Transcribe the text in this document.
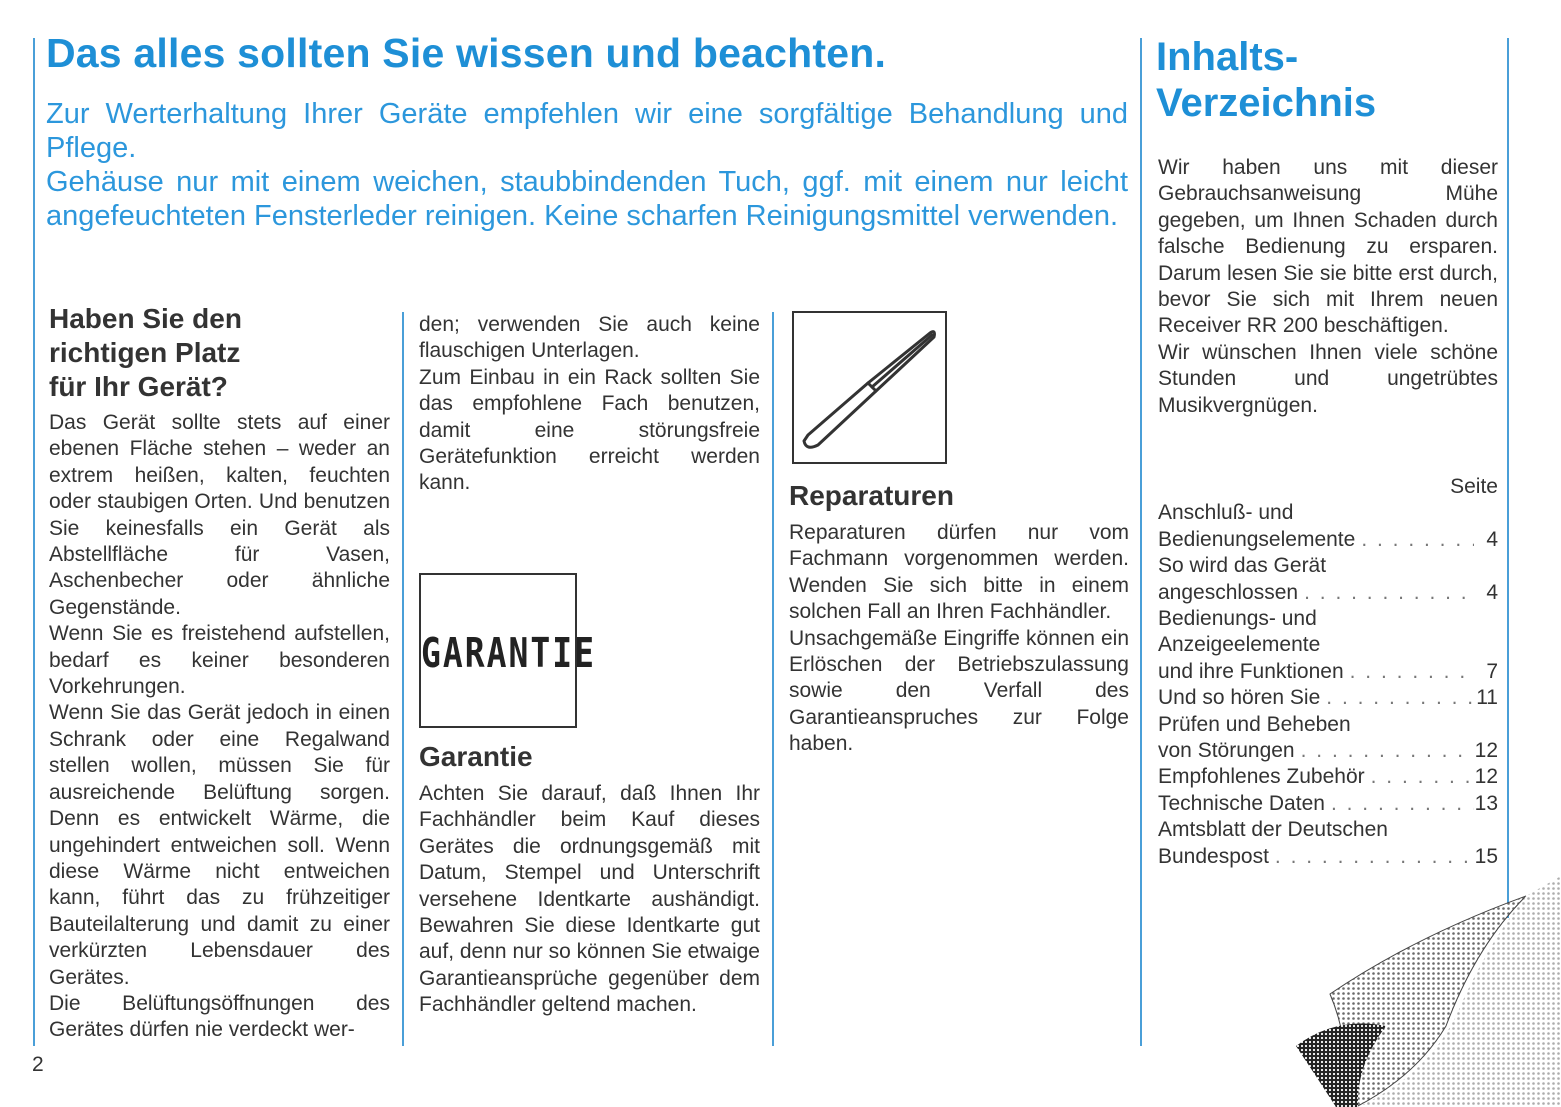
Das alles sollten Sie wissen und beachten.

Zur Werterhaltung Ihrer Geräte empfehlen wir eine sorgfältige Behandlung und Pflege.

Gehäuse nur mit einem weichen, staubbindenden Tuch, ggf. mit einem nur leicht angefeuchteten Fensterleder reinigen. Keine scharfen Reinigungsmittel verwenden.

Inhalts-
Verzeichnis
Haben Sie den
richtigen Platz
für Ihr Gerät?

Das Gerät sollte stets auf einer ebenen Fläche stehen – weder an extrem heißen, kalten, feuchten oder staubigen Orten. Und benutzen Sie keinesfalls ein Gerät als Abstellfläche für Vasen, Aschenbecher oder ähnliche Gegenstände.

Wenn Sie es freistehend aufstellen, bedarf es keiner besonderen Vorkehrungen.

Wenn Sie das Gerät jedoch in einen Schrank oder eine Regalwand stellen wollen, müssen Sie für ausreichende Belüftung sorgen. Denn es entwickelt Wärme, die ungehindert entweichen soll. Wenn diese Wärme nicht entweichen kann, führt das zu frühzeitiger Bauteilalterung und damit zu einer verkürzten Lebensdauer des Gerätes.

Die Belüftungsöffnungen des Gerätes dürfen nie verdeckt wer-

den; verwenden Sie auch keine flauschigen Unterlagen.

Zum Einbau in ein Rack sollten Sie das empfohlene Fach benutzen, damit eine störungsfreie Gerätefunktion erreicht werden kann.

GARANTIE
Garantie

Achten Sie darauf, daß Ihnen Ihr Fachhändler beim Kauf dieses Gerätes die ordnungsgemäß mit Datum, Stempel und Unterschrift versehene Identkarte aushändigt. Bewahren Sie diese Identkarte gut auf, denn nur so können Sie etwaige Garantieansprüche gegenüber dem Fachhändler geltend machen.

Reparaturen

Reparaturen dürfen nur vom Fachmann vorgenommen werden. Wenden Sie sich bitte in einem solchen Fall an Ihren Fachhändler.

Unsachgemäße Eingriffe können ein Erlöschen der Betriebszulassung sowie den Verfall des Garantieanspruches zur Folge haben.

Wir haben uns mit dieser Gebrauchsanweisung Mühe gegeben, um Ihnen Schaden durch falsche Bedienung zu ersparen. Darum lesen Sie sie bitte erst durch, bevor Sie sich mit Ihrem neuen Receiver RR 200 beschäftigen.

Wir wünschen Ihnen viele schöne Stunden und ungetrübtes Musikvergnügen.

Seite
Anschluß- und
Bedienungselemente . . .	4
So wird das Gerät
angeschlossen . . .	4
Bedienungs- und
Anzeigeelemente
und ihre Funktionen . . .	7
Und so hören Sie . . .	11
Prüfen und Beheben
von Störungen . . .	12
Empfohlenes Zubehör . . .	12
Technische Daten . . .	13
Amtsblatt der Deutschen
Bundespost . . .	15
2
